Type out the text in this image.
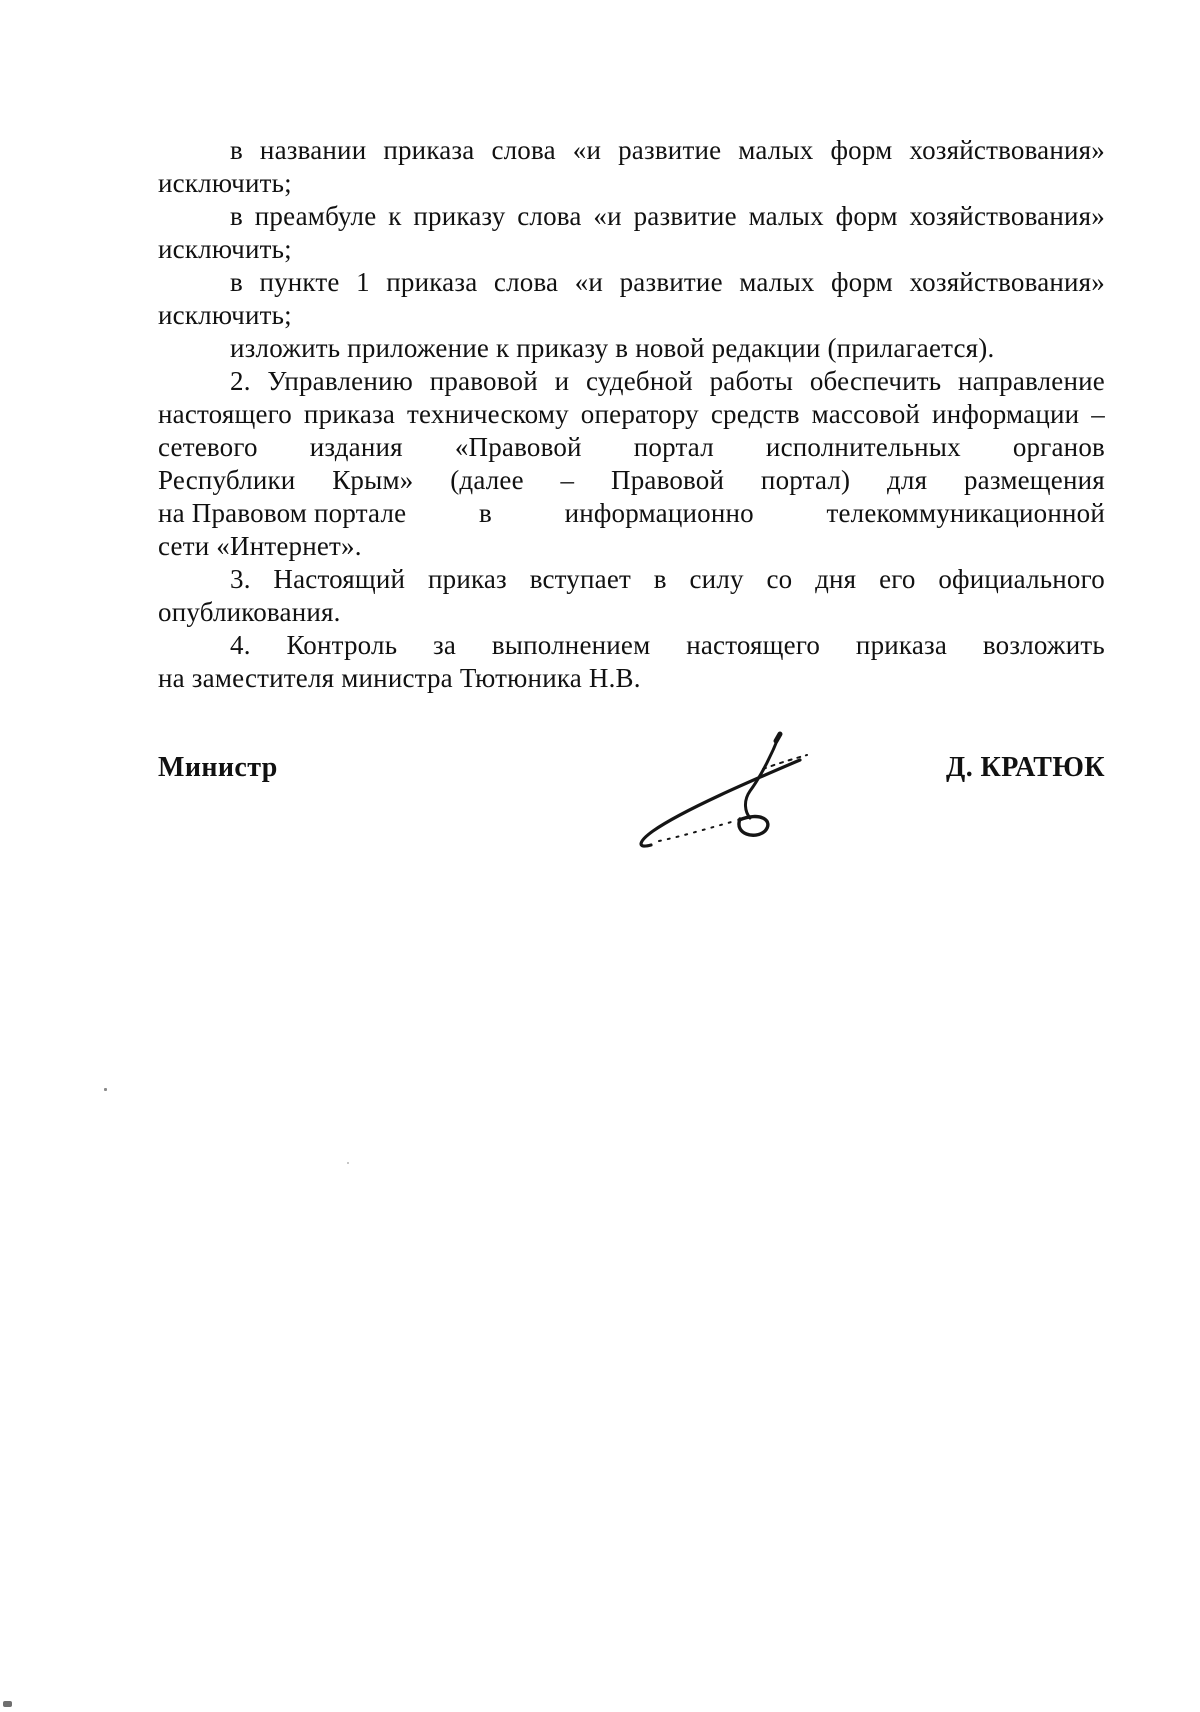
в названии приказа слова «и развитие малых форм хозяйствования»
исключить;
в преамбуле к приказу слова «и развитие малых форм хозяйствования»
исключить;
в пункте 1 приказа слова «и развитие малых форм хозяйствования»
исключить;
изложить приложение к приказу в новой редакции (прилагается).
2. Управлению правовой и судебной работы обеспечить направление
настоящего приказа техническому оператору средств массовой информации –
сетевого издания «Правовой портал исполнительных органов
Республики Крым» (далее – Правовой портал) для размещения
на Правовом портале	в	информационно	телекоммуникационной
сети «Интернет».
3. Настоящий приказ вступает в силу со дня его официального
опубликования.
4. Контроль за выполнением настоящего приказа возложить
на заместителя министра Тютюника Н.В.
Министр	Д. КРАТЮК
